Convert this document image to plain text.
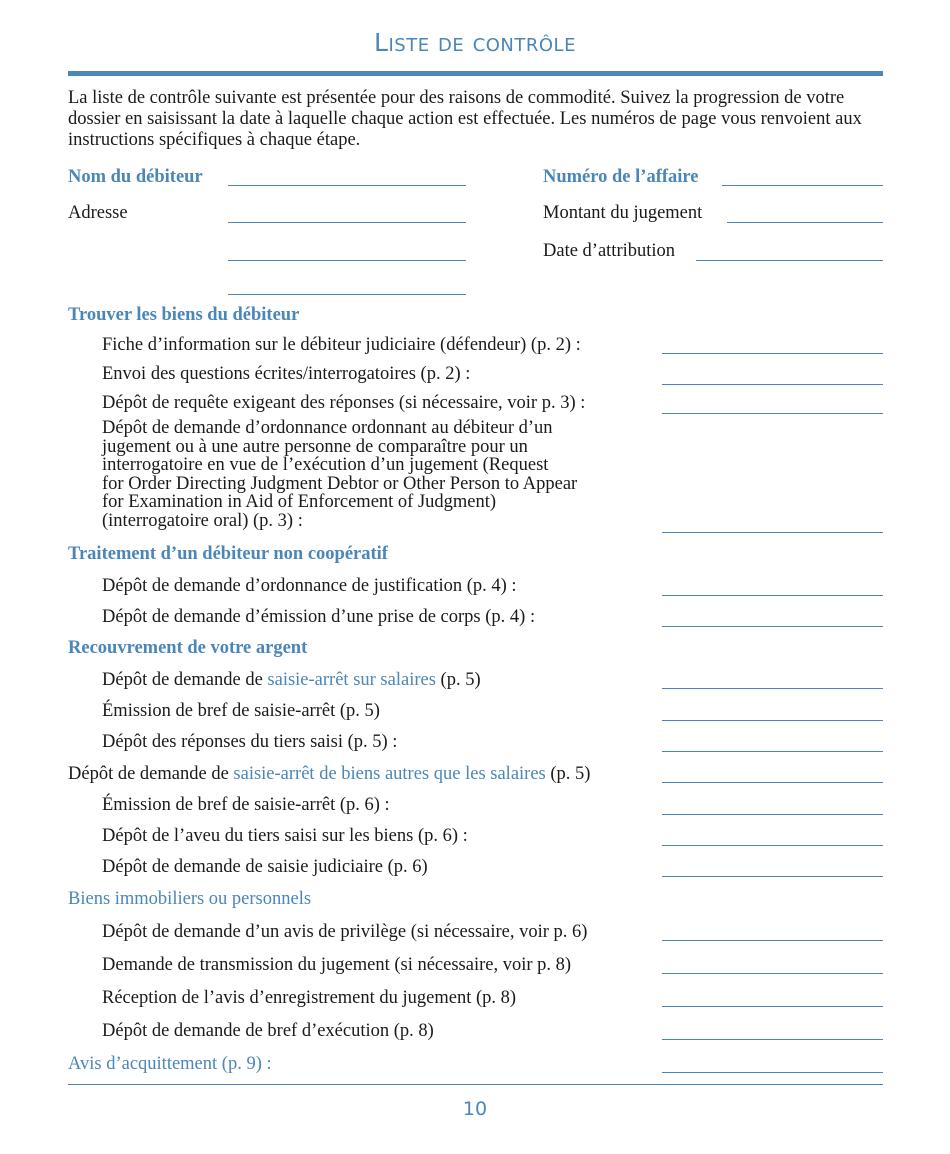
Liste de contrôle
La liste de contrôle suivante est présentée pour des raisons de commodité. Suivez la progression de votre dossier en saisissant la date à laquelle chaque action est effectuée. Les numéros de page vous renvoient aux instructions spécifiques à chaque étape.
Nom du débiteur
Adresse
Numéro de l’affaire
Montant du jugement
Date d’attribution
Trouver les biens du débiteur
Fiche d’information sur le débiteur judiciaire (défendeur) (p. 2) :
Envoi des questions écrites/interrogatoires (p. 2) :
Dépôt de requête exigeant des réponses (si nécessaire, voir p. 3) :
Dépôt de demande d’ordonnance ordonnant au débiteur d’un
jugement ou à une autre personne de comparaître pour un
interrogatoire en vue de l’exécution d’un jugement (Request
for Order Directing Judgment Debtor or Other Person to Appear
for Examination in Aid of Enforcement of Judgment)
(interrogatoire oral) (p. 3) :
Traitement d’un débiteur non coopératif
Dépôt de demande d’ordonnance de justification (p. 4) :
Dépôt de demande d’émission d’une prise de corps (p. 4) :
Recouvrement de votre argent
Dépôt de demande de saisie-arrêt sur salaires (p. 5)
Émission de bref de saisie-arrêt (p. 5)
Dépôt des réponses du tiers saisi (p. 5) :
Dépôt de demande de saisie-arrêt de biens autres que les salaires (p. 5)
Émission de bref de saisie-arrêt (p. 6) :
Dépôt de l’aveu du tiers saisi sur les biens (p. 6) :
Dépôt de demande de saisie judiciaire (p. 6)
Biens immobiliers ou personnels
Dépôt de demande d’un avis de privilège (si nécessaire, voir p. 6)
Demande de transmission du jugement (si nécessaire, voir p. 8)
Réception de l’avis d’enregistrement du jugement (p. 8)
Dépôt de demande de bref d’exécution (p. 8)
Avis d’acquittement (p. 9) :
10
